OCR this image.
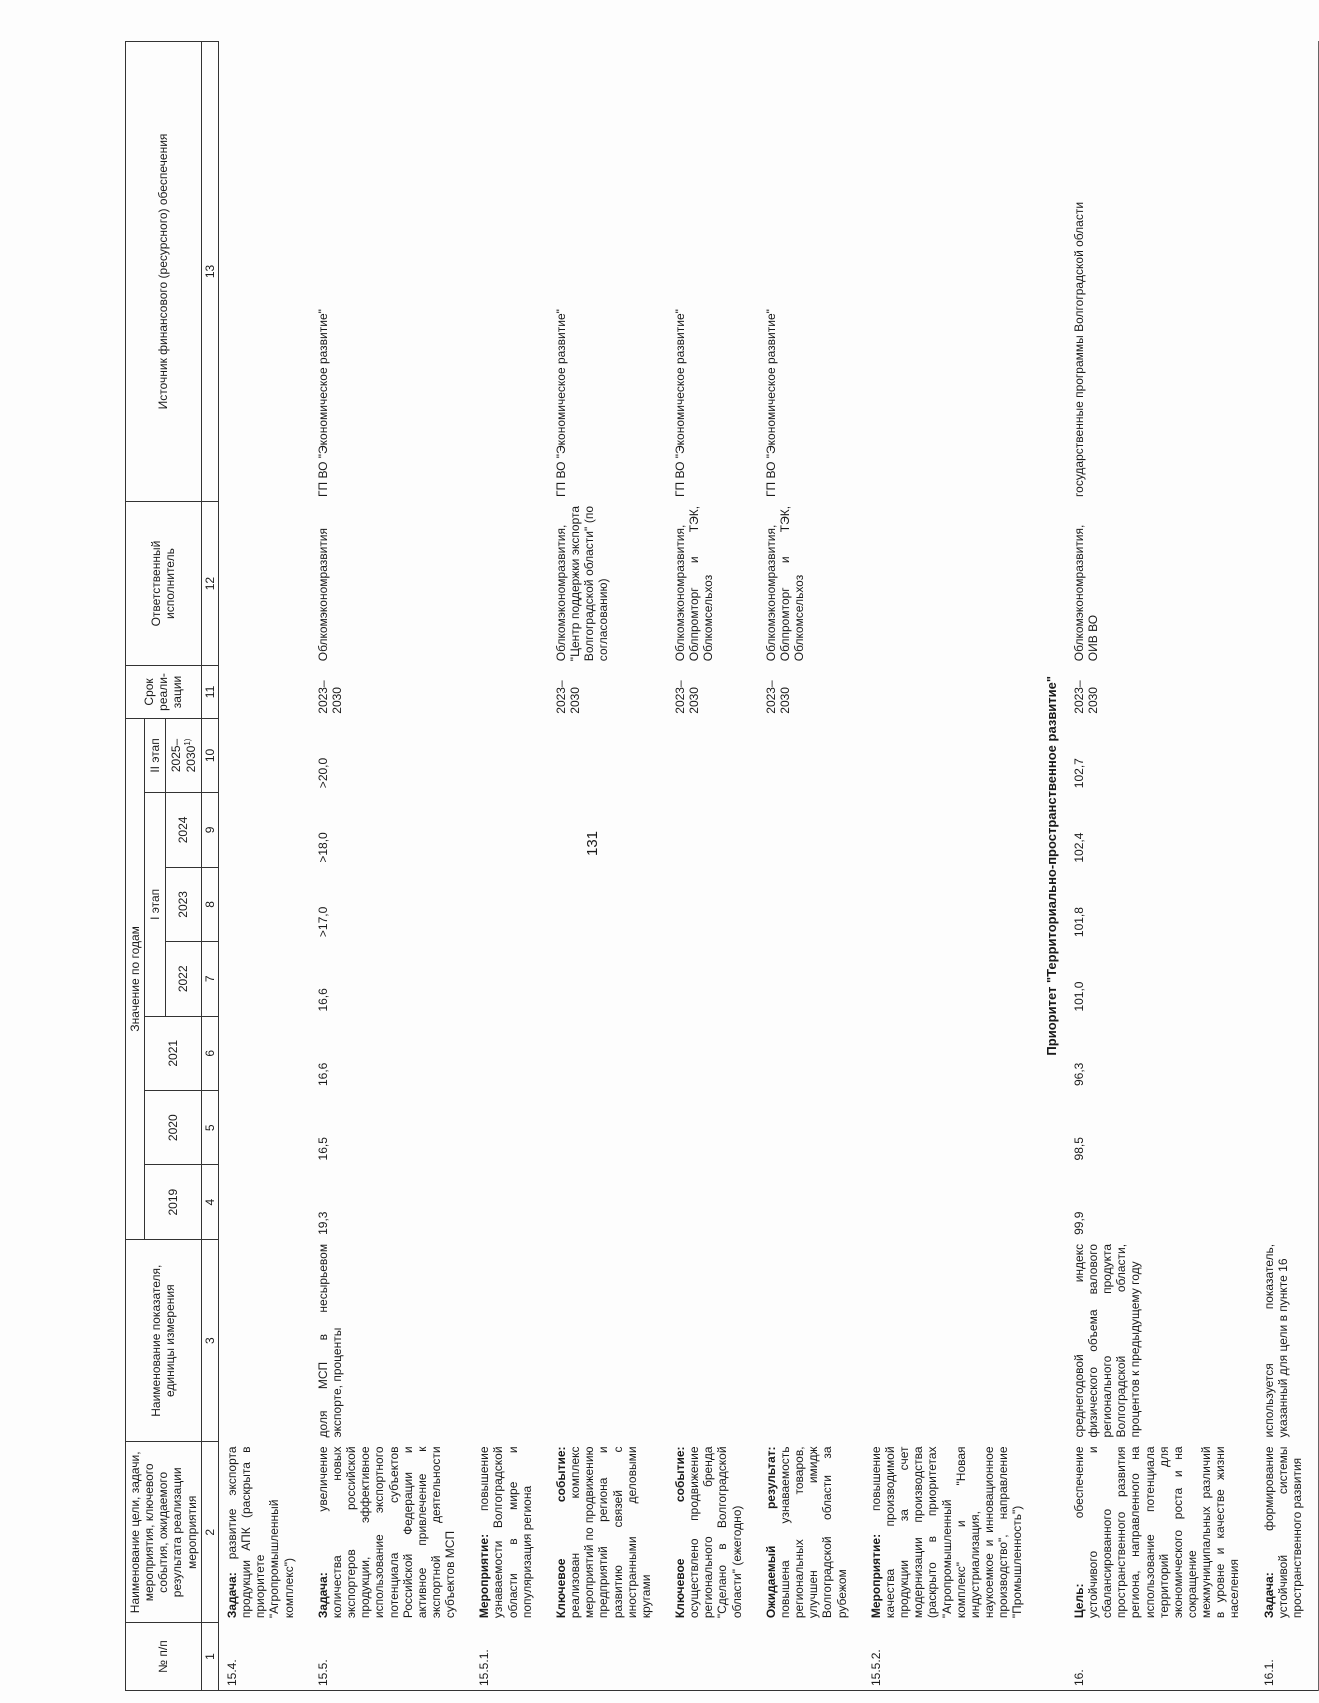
131
№ п/п	Наименование цели, задачи, мероприятия, ключевого события, ожидаемого результата реализации мероприятия	Наименование показателя, единицы измерения	Значение по годам							Срок реали-зации	Ответственный исполнитель	Источник финансового (ресурсного) обеспечения
			2019	2020	2021	I этап			II этап			
						2022	2023	2024	2025–2030$^{1)}$

1	2	3	4	5	6	7	8	9	10	11	12	13
15.4.	Задача: развитие экспорта продукции АПК (раскрыта в приоритете "Агропромышленный комплекс")											
15.5.	Задача: увеличение количества новых экспортеров российской продукции, эффективное использование экспортного потенциала субъектов Российской Федерации и активное привлечение к экспортной деятельности субъектов МСП	доля МСП в несырьевом экспорте, проценты	19,3	16,5	16,6	16,6	>17,0	>18,0	>20,0	2023–2030	Облкомэкономразвития	ГП ВО "Экономическое развитие"
15.5.1.	Мероприятие: повышение узнаваемости Волгоградской области в мире и популяризация региона											
	Ключевое событие: реализован комплекс мероприятий по продвижению предприятий региона и развитию связей с иностранными деловыми кругами									2023–2030	Облкомэкономразвития, "Центр поддержки экспорта Волгоградской области" (по согласованию)	ГП ВО "Экономическое развитие"
	Ключевое событие: осуществлено продвижение регионального бренда "Сделано в Волгоградской области" (ежегодно)									2023–2030	Облкомэкономразвития, Облпромторг и ТЭК, Облкомсельхоз	ГП ВО "Экономическое развитие"
	Ожидаемый результат: повышена узнаваемость региональных товаров, улучшен имидж Волгоградской области за рубежом									2023–2030	Облкомэкономразвития, Облпромторг и ТЭК, Облкомсельхоз	ГП ВО "Экономическое развитие"
15.5.2.	Мероприятие: повышение качества производимой продукции за счет модернизации производства (раскрыто в приоритетах "Агропромышленный комплекс" и "Новая индустриализация, наукоемкое и инновационное производство", направление "Промышленность")											
Приоритет "Территориально-пространственное развитие"												
16.	Цель: обеспечение устойчивого и сбалансированного пространственного развития региона, направленного на использование потенциала территорий для экономического роста и на сокращение межмуниципальных различий в уровне и качестве жизни населения	среднегодовой индекс физического объема валового регионального продукта Волгоградской области, процентов к предыдущему году	99,9	98,5	96,3	101,0	101,8	102,4	102,7	2023–2030	Облкомэкономразвития, ОИВ ВО	государственные программы Волгоградской области
16.1.	Задача: формирование устойчивой системы пространственного развития	используется показатель, указанный для цели в пункте 16										
